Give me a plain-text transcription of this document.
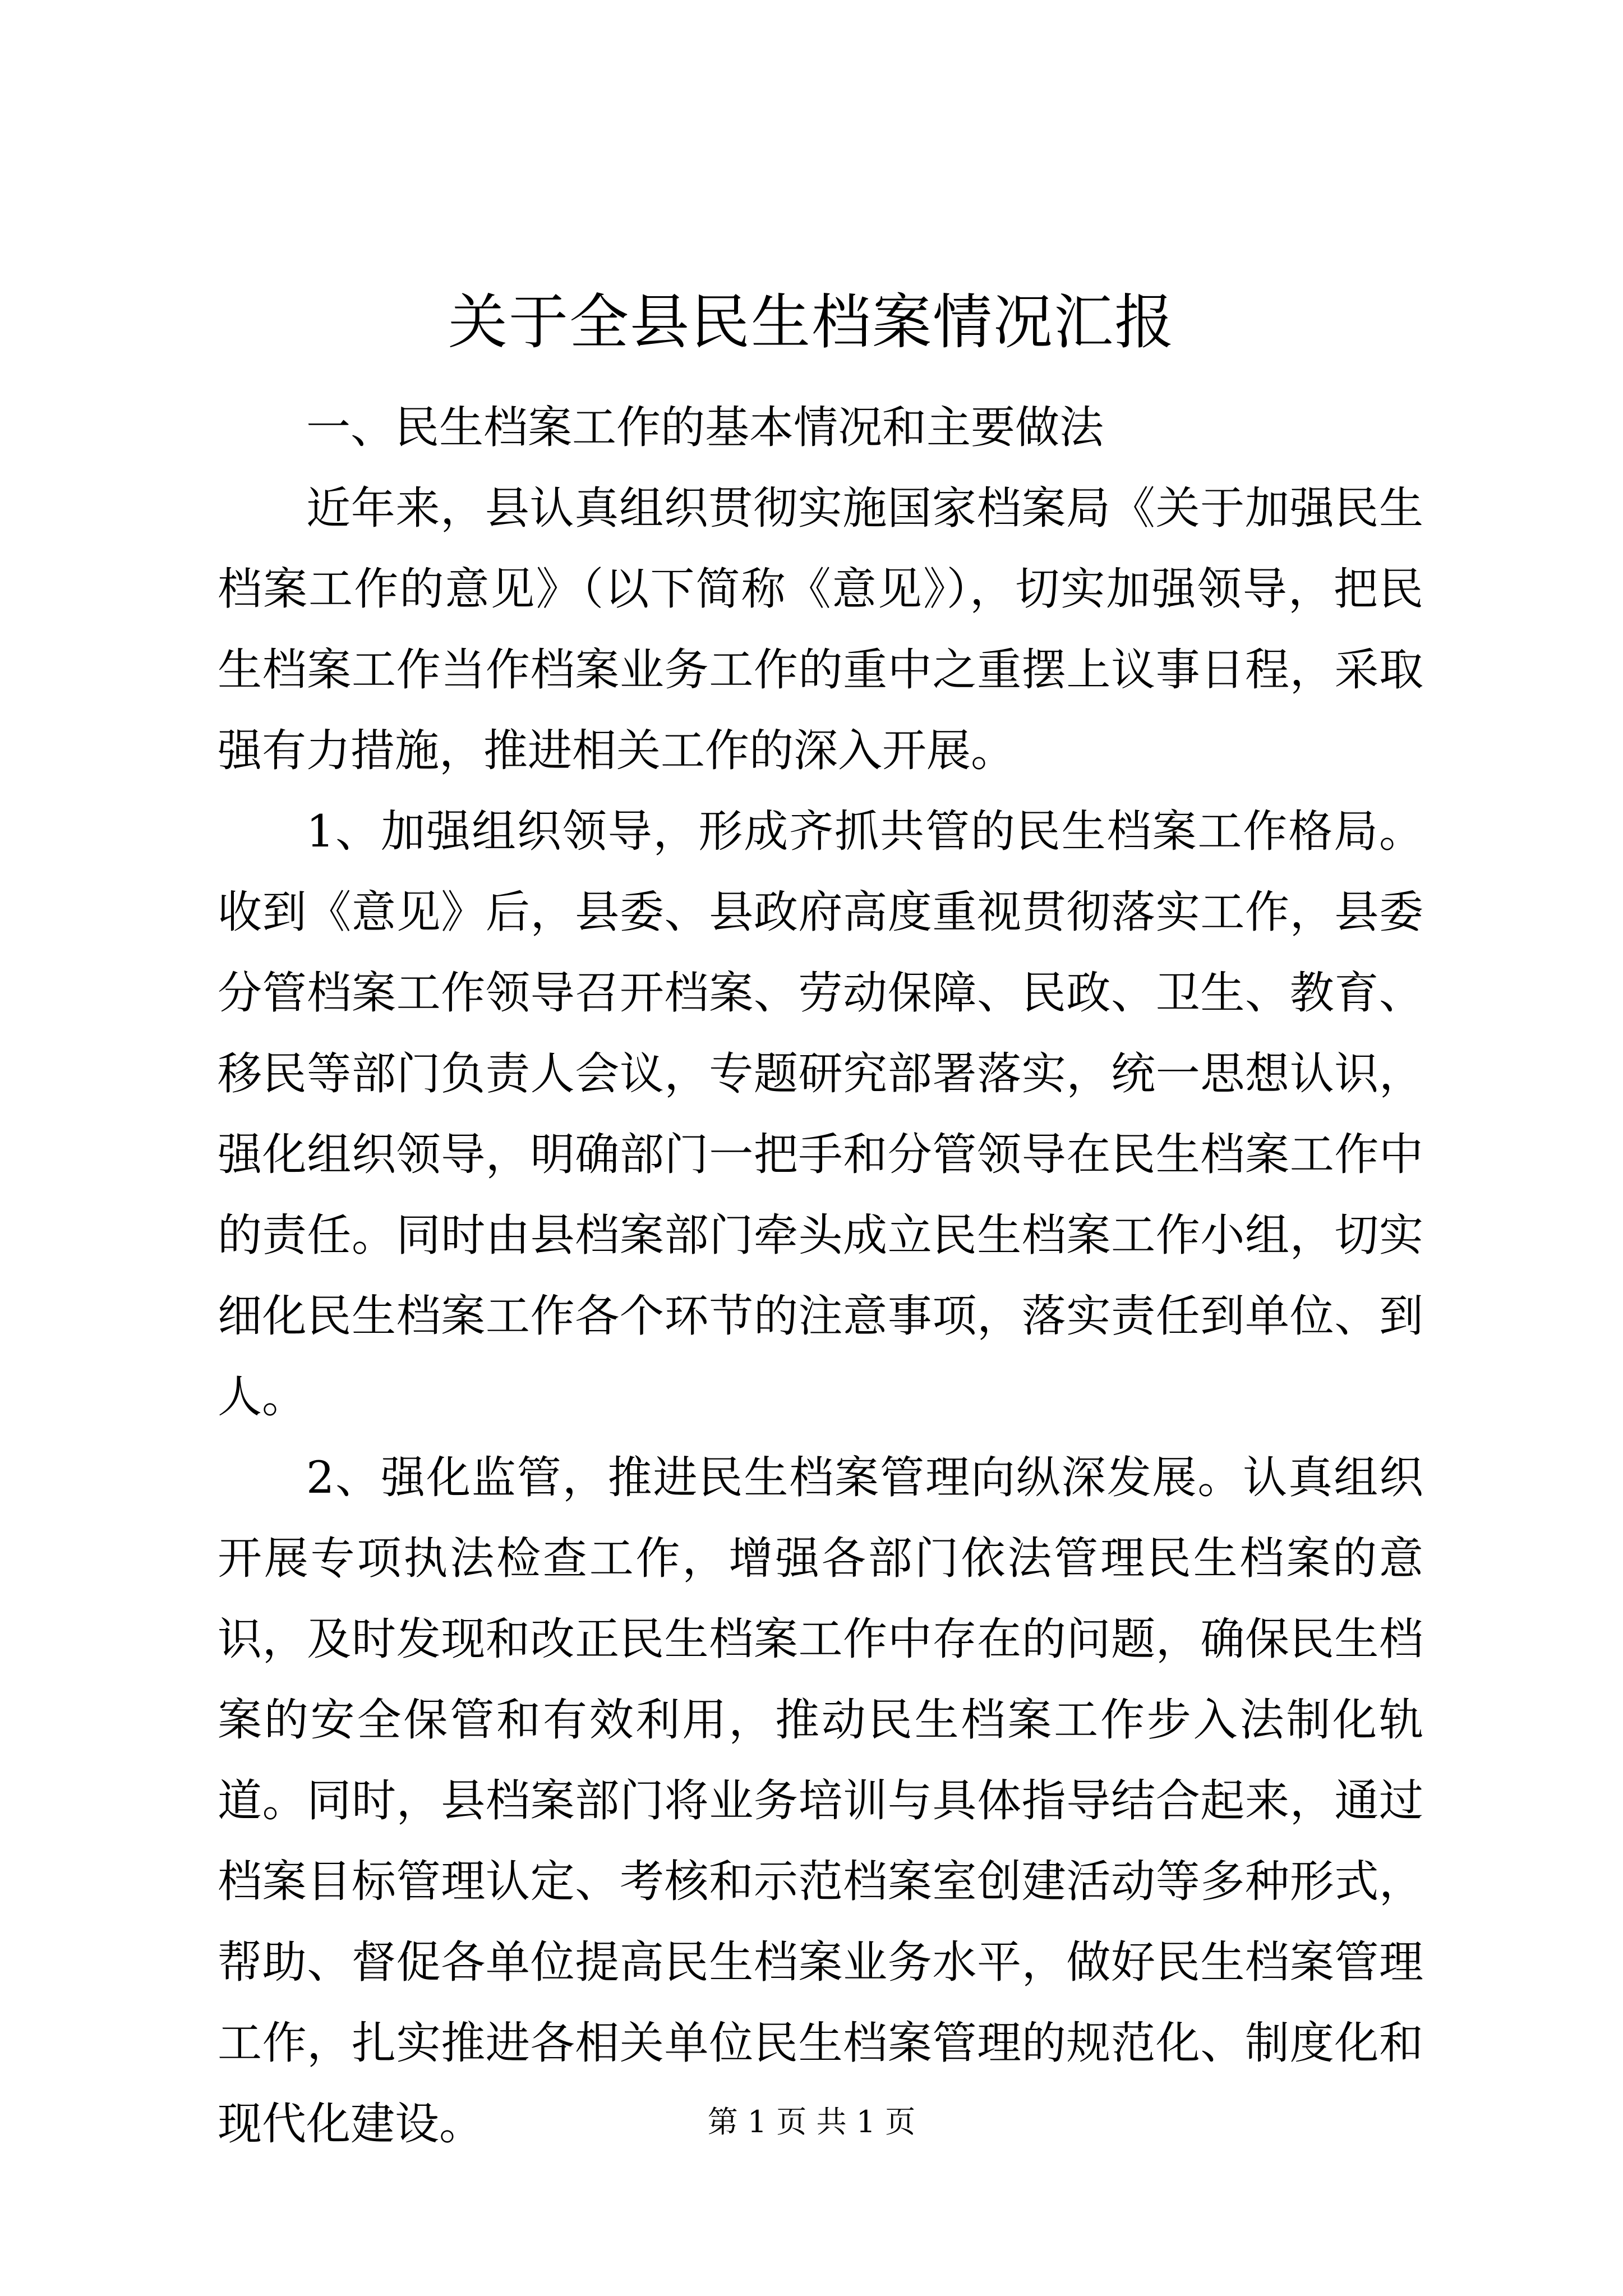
关于全县民生档案情况汇报

一、民生档案工作的基本情况和主要做法

近年来，县认真组织贯彻实施国家档案局《关于加强民生档案工作的意见》（以下简称《意见》），切实加强领导，把民生档案工作当作档案业务工作的重中之重摆上议事日程，采取强有力措施，推进相关工作的深入开展。

1、加强组织领导，形成齐抓共管的民生档案工作格局。收到《意见》后，县委、县政府高度重视贯彻落实工作，县委分管档案工作领导召开档案、劳动保障、民政、卫生、教育、移民等部门负责人会议，专题研究部署落实，统一思想认识，强化组织领导，明确部门一把手和分管领导在民生档案工作中的责任。同时由县档案部门牵头成立民生档案工作小组，切实细化民生档案工作各个环节的注意事项，落实责任到单位、到人。

2、强化监管，推进民生档案管理向纵深发展。认真组织开展专项执法检查工作，增强各部门依法管理民生档案的意识，及时发现和改正民生档案工作中存在的问题，确保民生档案的安全保管和有效利用，推动民生档案工作步入法制化轨道。同时，县档案部门将业务培训与具体指导结合起来，通过档案目标管理认定、考核和示范档案室创建活动等多种形式，帮助、督促各单位提高民生档案业务水平，做好民生档案管理工作，扎实推进各相关单位民生档案管理的规范化、制度化和现代化建设。	第 1 页 共 1 页
